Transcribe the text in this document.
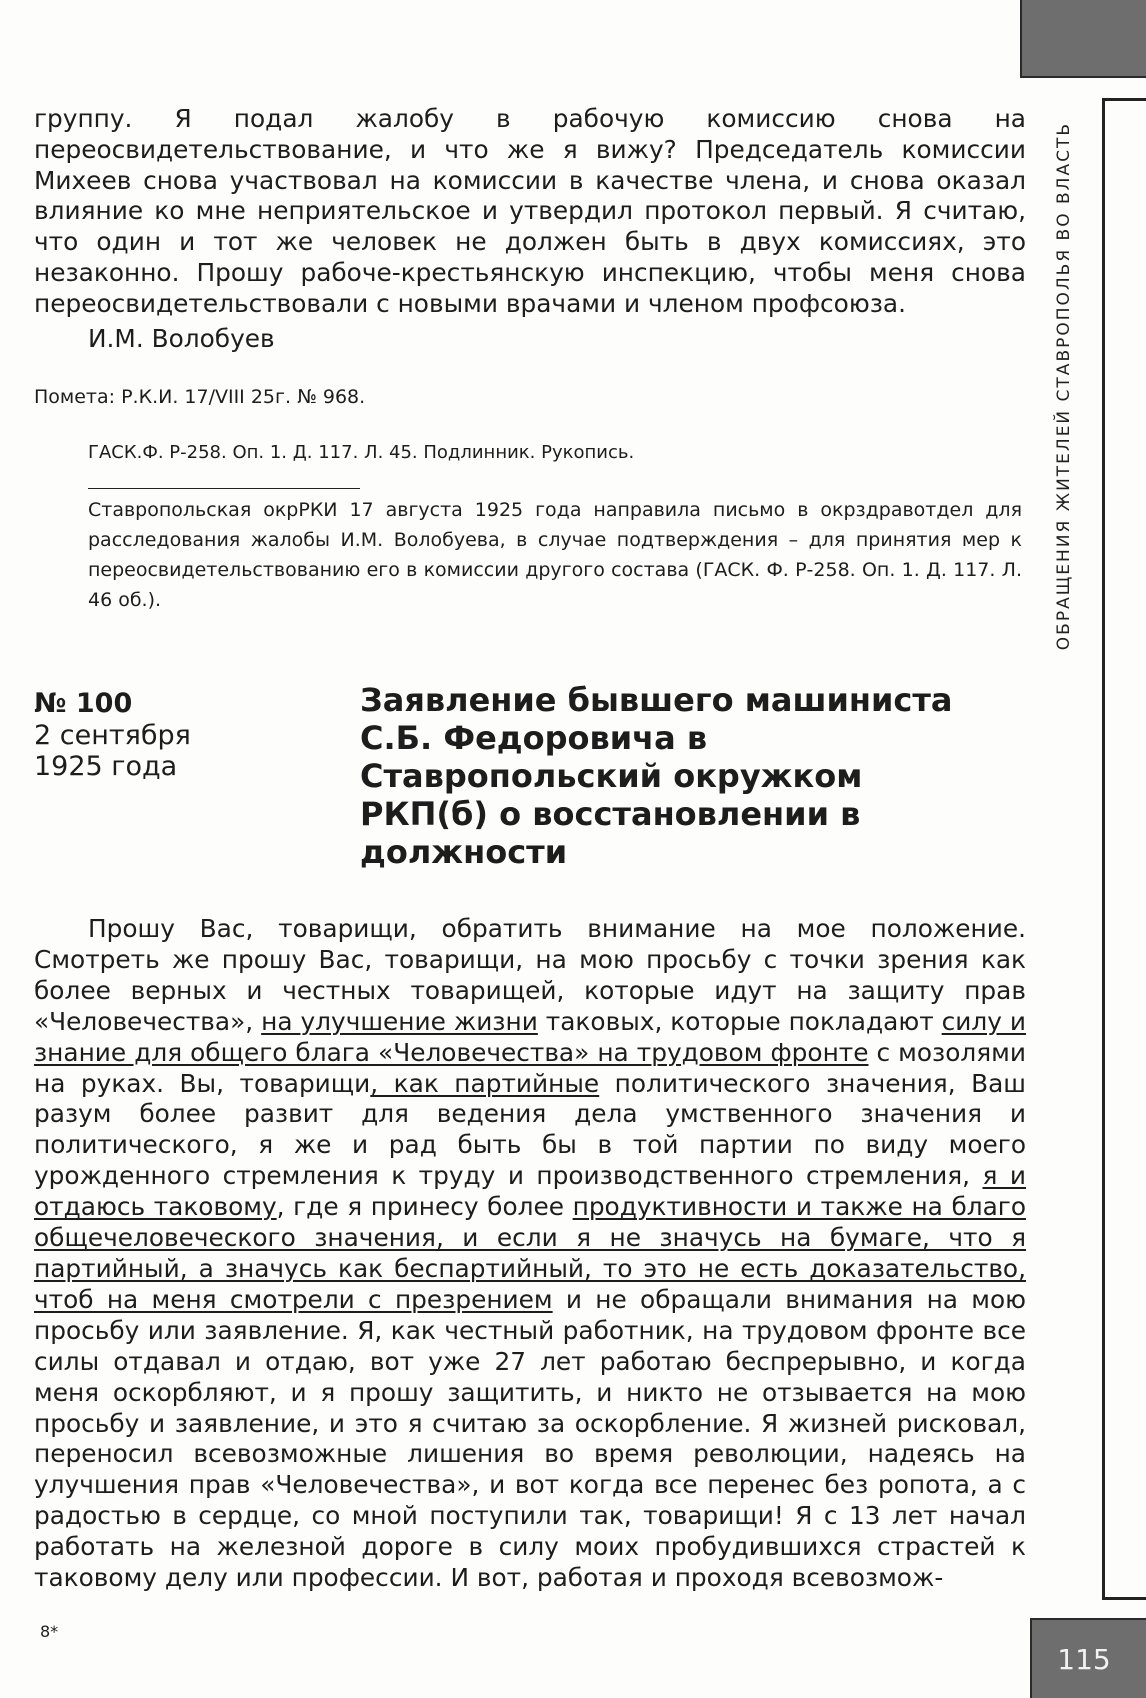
ОБРАЩЕНИЯ ЖИТЕЛЕЙ СТАВРОПОЛЬЯ ВО ВЛАСТЬ

группу. Я подал жалобу в рабочую комиссию снова на переосвидетельствование, и что же я вижу? Председатель комиссии Михеев снова участвовал на комиссии в качестве члена, и снова оказал влияние ко мне неприятельское и утвердил протокол первый. Я считаю, что один и тот же человек не должен быть в двух комиссиях, это незаконно. Прошу рабоче-крестьянскую инспекцию, чтобы меня снова переосвидетельствовали с новыми врачами и членом профсоюза.

И.М. Волобуев

Помета: Р.К.И. 17/VIII 25г. № 968.

ГАСК.Ф. Р-258. Оп. 1. Д. 117. Л. 45. Подлинник. Рукопись.

Ставропольская окрРКИ 17 августа 1925 года направила письмо в окрздравотдел для расследования жалобы И.М. Волобуева, в случае подтверждения – для принятия мер к переосвидетельствованию его в комиссии другого состава (ГАСК. Ф. Р-258. Оп. 1. Д. 117. Л. 46 об.).

№ 100

2 сентября 1925 года

Заявление бывшего машиниста С.Б. Федоровича в Ставропольский окружком РКП(б) о восстановлении в должности

Прошу Вас, товарищи, обратить внимание на мое положение. Смотреть же прошу Вас, товарищи, на мою просьбу с точки зрения как более верных и честных товарищей, которые идут на защиту прав «Человечества», на улучшение жизни таковых, которые покладают силу и знание для общего блага «Человечества» на трудовом фронте с мозолями на руках. Вы, товарищи, как партийные политического значения, Ваш разум более развит для ведения дела умственного значения и политического, я же и рад быть бы в той партии по виду моего урожденного стремления к труду и производственного стремления, я и отдаюсь таковому, где я принесу более продуктивности и также на благо общечеловеческого значения, и если я не значусь на бумаге, что я партийный, а значусь как беспартийный, то это не есть доказательство, чтоб на меня смотрели с презрением и не обращали внимания на мою просьбу или заявление. Я, как честный работник, на трудовом фронте все силы отдавал и отдаю, вот уже 27 лет работаю беспрерывно, и когда меня оскорбляют, и я прошу защитить, и никто не отзывается на мою просьбу и заявление, и это я считаю за оскорбление. Я жизней рисковал, переносил всевозможные лишения во время революции, надеясь на улучшения прав «Человечества», и вот когда все перенес без ропота, а с радостью в сердце, со мной поступили так, товарищи! Я с 13 лет начал работать на железной дороге в силу моих пробудившихся страстей к таковому делу или профессии. И вот, работая и проходя всевозмож-

8*

115
